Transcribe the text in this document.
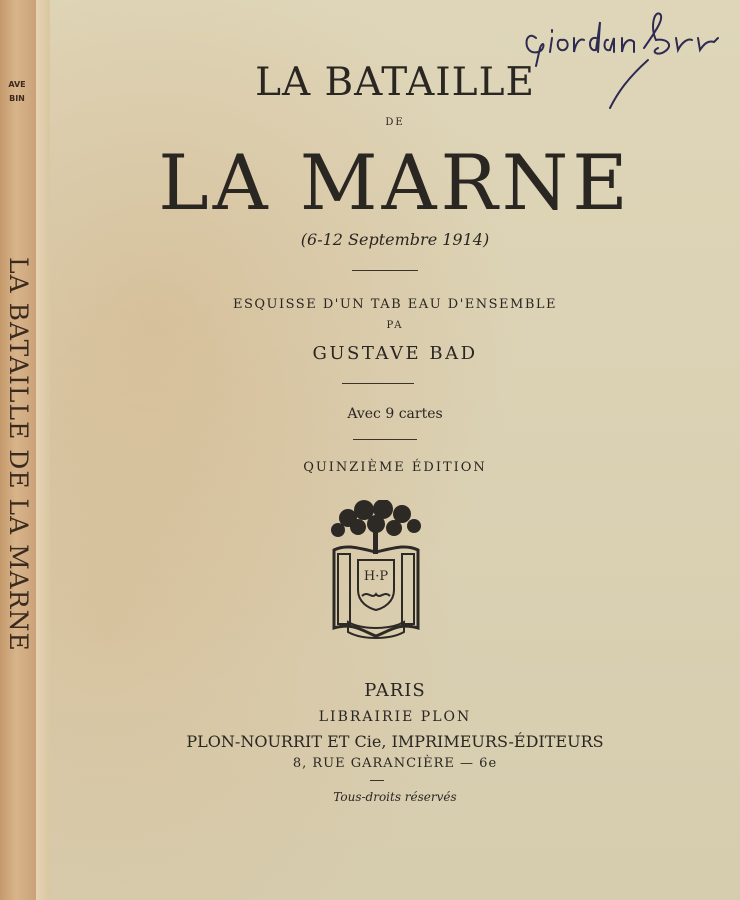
AVE
BIN
LA BATAILLE DE LA MARNE
LA BATAILLE
DE
LA MARNE
(6-12 Septembre 1914)
ESQUISSE D'UN TAB EAU D'ENSEMBLE
PA
GUSTAVE BAD
Avec 9 cartes
QUINZIÈME ÉDITION
H·P
PARIS
LIBRAIRIE PLON
PLON-NOURRIT ET Cie, IMPRIMEURS-ÉDITEURS
8, RUE GARANCIÈRE — 6e
Tous-droits réservés
